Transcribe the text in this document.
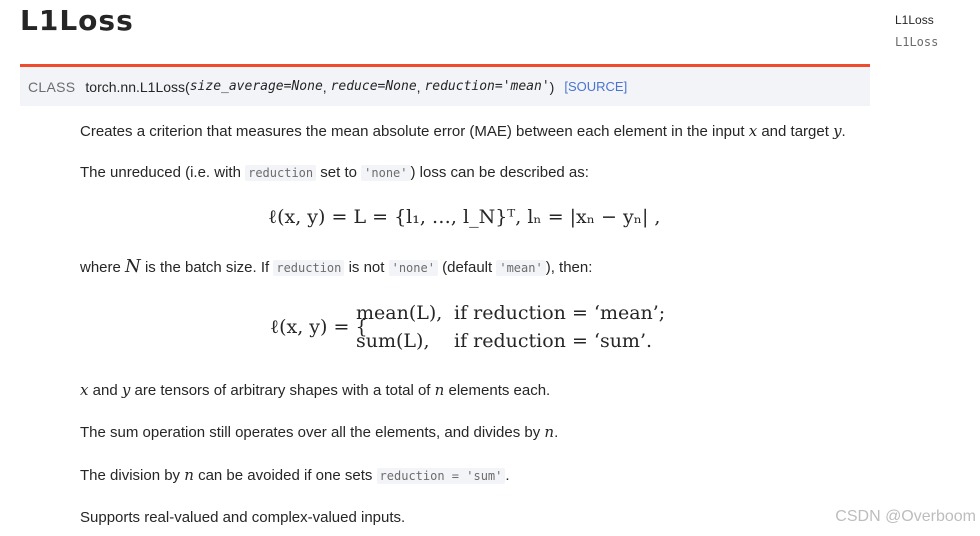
L1Loss	L1Loss
L1Loss
CLASS torch.nn.L1Loss( size_average=None , reduce=None , reduction='mean' ) [SOURCE]
Creates a criterion that measures the mean absolute error (MAE) between each element in the input x and target y.
The unreduced (i.e. with reduction set to 'none' ) loss can be described as:
where N is the batch size. If reduction is not 'none' (default 'mean' ), then:
x and y are tensors of arbitrary shapes with a total of n elements each.
The sum operation still operates over all the elements, and divides by n.
The division by n can be avoided if one sets reduction = 'sum' .
Supports real-valued and complex-valued inputs.
ℓ(x, y) = L = {l₁, …, l_N}ᵀ, lₙ = |xₙ − yₙ| ,
ℓ(x, y) = {
mean(L), if reduction = ‘mean’;
sum(L), if reduction = ‘sum’.
CSDN @Overboom
